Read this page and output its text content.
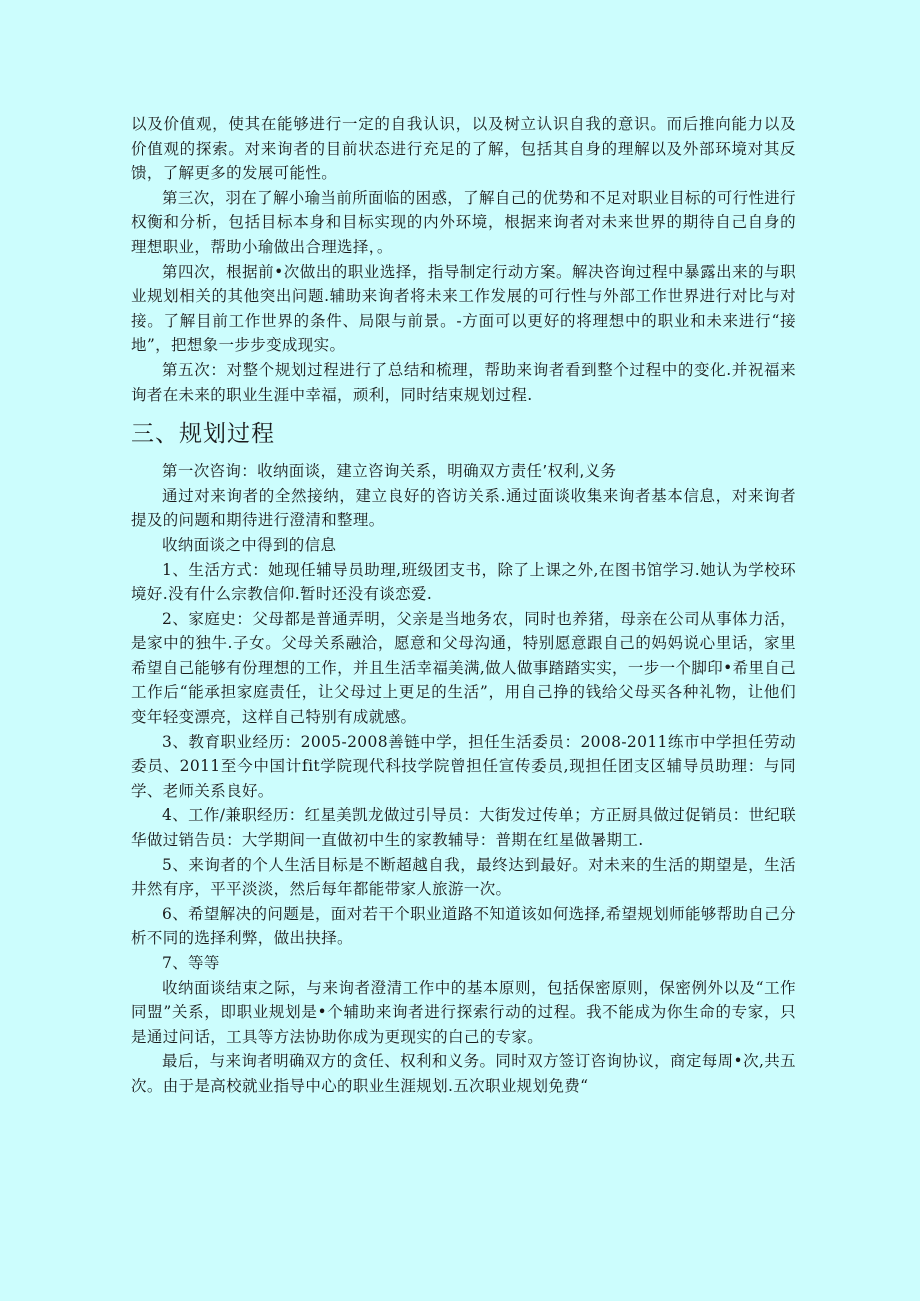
以及价值观，使其在能够进行一定的自我认识，以及树立认识自我的意识。而后推向能力以及价值观的探索。对来询者的目前状态进行充足的了解，包括其自身的理解以及外部环境对其反馈，了解更多的发展可能性。

第三次，羽在了解小瑜当前所面临的困惑，了解自己的优势和不足对职业目标的可行性进行权衡和分析，包括目标本身和目标实现的内外环境，根据来询者对未来世界的期待自己自身的理想职业，帮助小瑜做出合理选择，。

第四次，根据前•次做出的职业选择，指导制定行动方案。解决咨询过程中暴露出来的与职业规划相关的其他突出问题.辅助来询者将未来工作发展的可行性与外部工作世界进行对比与对接。了解目前工作世界的条件、局限与前景。-方面可以更好的将理想中的职业和未来进行“接地”，把想象一步步变成现实。

第五次：对整个规划过程进行了总结和梳理，帮助来询者看到整个过程中的变化.并祝福来询者在未来的职业生涯中幸福，顽利，同时结束规划过程.

三、规划过程

第一次咨询：收纳面谈，建立咨询关系，明确双方责任’权利,义务

通过对来询者的全然接纳，建立良好的咨访关系.通过面谈收集来询者基本信息，对来询者提及的问题和期待进行澄清和整理。

收纳面谈之中得到的信息

1、生活方式：她现任辅导员助理,班级团支书，除了上课之外,在图书馆学习.她认为学校环境好.没有什么宗教信仰.暂时还没有谈恋爱.

2、家庭史：父母都是普通弄明，父亲是当地务农，同时也养猪，母亲在公司从事体力活，是家中的独牛.子女。父母关系融洽，愿意和父母沟通，特别愿意跟自己的妈妈说心里话，家里希望自己能够有份理想的工作，并且生活幸福美满,做人做事踏踏实实，一步一个脚印•希里自己工作后“能承担家庭责任，让父母过上更足的生活”，用自己挣的钱给父母买各种礼物，让他们变年轻变漂亮，这样自己特别有成就感。

3、教育职业经历：2005-2008善链中学，担任生活委员：2008-2011练市中学担任劳动委员、2011至今中国计fit学院现代科技学院曾担任宣传委员,现担任团支区辅导员助理：与同学、老师关系良好。

4、工作/兼职经历：红星美凯龙做过引导员：大街发过传单；方正厨具做过促销员：世纪联华做过销告员：大学期间一直做初中生的家教辅导：普期在红星做暑期工.

5、来询者的个人生活目标是不断超越自我，最终达到最好。对未来的生活的期望是，生活井然有序，平平淡淡，然后每年都能带家人旅游一次。

6、希望解决的问题是，面对若干个职业道路不知道该如何选择,希望规划师能够帮助自己分析不同的选择利弊，做出抉择。

7、等等

收纳面谈结束之际，与来询者澄清工作中的基本原则，包括保密原则，保密例外以及“工作同盟”关系，即职业规划是•个辅助来询者进行探索行动的过程。我不能成为你生命的专家，只是通过问话，工具等方法协助你成为更现实的白己的专家。

最后，与来询者明确双方的贪任、权利和义务。同时双方签订咨询协议，商定每周•次,共五次。由于是高校就业指导中心的职业生涯规划.五次职业规划免费“
